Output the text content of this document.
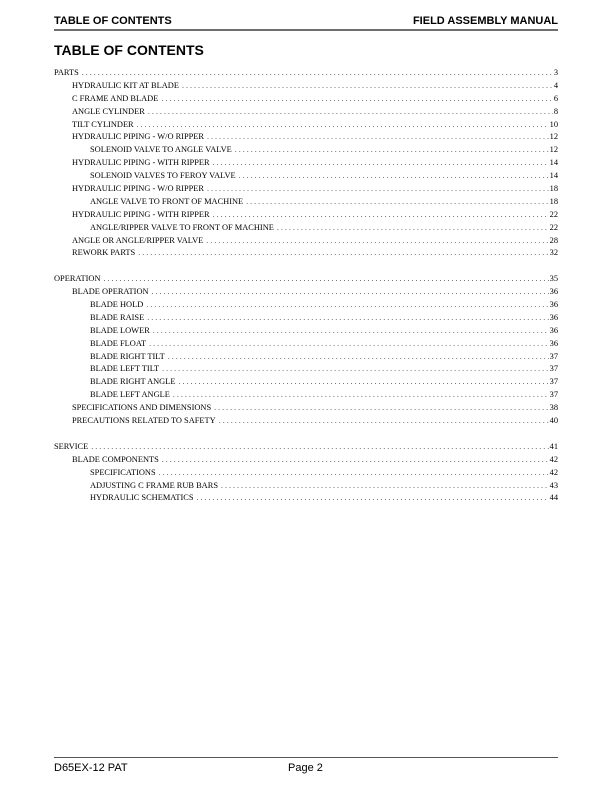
TABLE OF CONTENTS	FIELD ASSEMBLY MANUAL
TABLE OF CONTENTS
PARTS . . .	3
HYDRAULIC KIT AT BLADE . . .	4
C FRAME AND BLADE . . .	6
ANGLE CYLINDER . . .	8
TILT CYLINDER . . .	10
HYDRAULIC PIPING - W/O RIPPER . . .	12
SOLENOID VALVE TO ANGLE VALVE . . .	12
HYDRAULIC PIPING - WITH RIPPER . . .	14
SOLENOID VALVES TO FEROY VALVE . . .	14
HYDRAULIC PIPING - W/O RIPPER . . .	18
ANGLE VALVE TO FRONT OF MACHINE . . .	18
HYDRAULIC PIPING - WITH RIPPER . . .	22
ANGLE/RIPPER VALVE TO FRONT OF MACHINE . . .	22
ANGLE OR ANGLE/RIPPER VALVE . . .	28
REWORK PARTS . . .	32
OPERATION . . .	35
BLADE OPERATION . . .	36
BLADE HOLD . . .	36
BLADE RAISE . . .	36
BLADE LOWER . . .	36
BLADE FLOAT . . .	36
BLADE RIGHT TILT . . .	37
BLADE LEFT TILT . . .	37
BLADE RIGHT ANGLE . . .	37
BLADE LEFT ANGLE . . .	37
SPECIFICATIONS AND DIMENSIONS . . .	38
PRECAUTIONS RELATED TO SAFETY . . .	40
SERVICE . . .	41
BLADE COMPONENTS . . .	42
SPECIFICATIONS . . .	42
ADJUSTING C FRAME RUB BARS . . .	43
HYDRAULIC SCHEMATICS . . .	44
D65EX-12 PAT	Page 2
